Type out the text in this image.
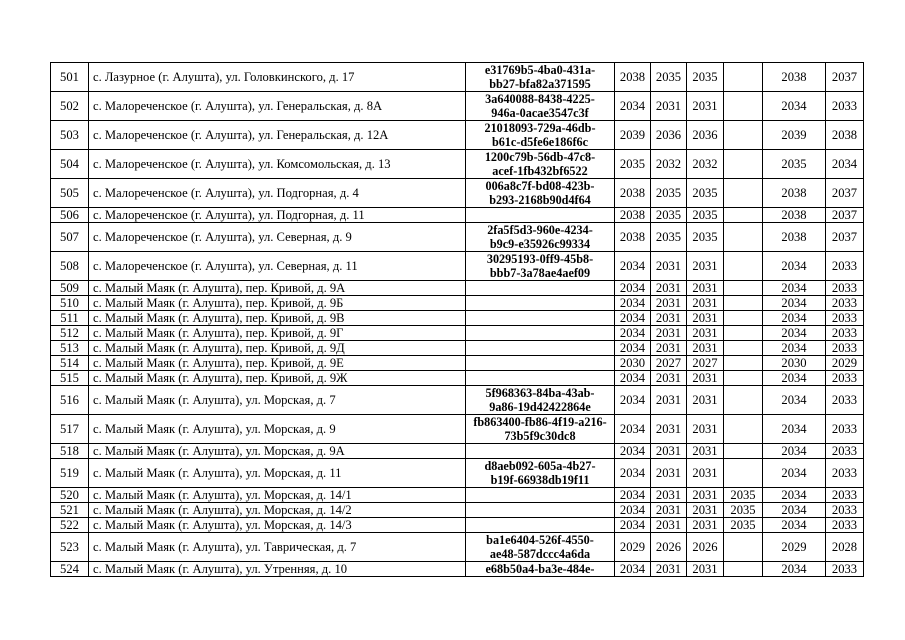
501	с. Лазурное (г. Алушта), ул. Головкинского, д. 17	e31769b5-4ba0-431a-
bb27-bfa82a371595	2038	2035	2035		2038	2037
502	с. Малореченское (г. Алушта), ул. Генеральская, д. 8А	3a640088-8438-4225-
946a-0acae3547c3f	2034	2031	2031		2034	2033
503	с. Малореченское (г. Алушта), ул. Генеральская, д. 12А	21018093-729a-46db-
b61c-d5fe6e186f6c	2039	2036	2036		2039	2038
504	с. Малореченское (г. Алушта), ул. Комсомольская, д. 13	1200c79b-56db-47c8-
acef-1fb432bf6522	2035	2032	2032		2035	2034
505	с. Малореченское (г. Алушта), ул. Подгорная, д. 4	006a8c7f-bd08-423b-
b293-2168b90d4f64	2038	2035	2035		2038	2037
506	с. Малореченское (г. Алушта), ул. Подгорная, д. 11		2038	2035	2035		2038	2037
507	с. Малореченское (г. Алушта), ул. Северная, д. 9	2fa5f5d3-960e-4234-
b9c9-e35926c99334	2038	2035	2035		2038	2037
508	с. Малореченское (г. Алушта), ул. Северная, д. 11	30295193-0ff9-45b8-
bbb7-3a78ae4aef09	2034	2031	2031		2034	2033
509	с. Малый Маяк (г. Алушта), пер. Кривой, д. 9А		2034	2031	2031		2034	2033
510	с. Малый Маяк (г. Алушта), пер. Кривой, д. 9Б		2034	2031	2031		2034	2033
511	с. Малый Маяк (г. Алушта), пер. Кривой, д. 9В		2034	2031	2031		2034	2033
512	с. Малый Маяк (г. Алушта), пер. Кривой, д. 9Г		2034	2031	2031		2034	2033
513	с. Малый Маяк (г. Алушта), пер. Кривой, д. 9Д		2034	2031	2031		2034	2033
514	с. Малый Маяк (г. Алушта), пер. Кривой, д. 9Е		2030	2027	2027		2030	2029
515	с. Малый Маяк (г. Алушта), пер. Кривой, д. 9Ж		2034	2031	2031		2034	2033
516	с. Малый Маяк (г. Алушта), ул. Морская, д. 7	5f968363-84ba-43ab-
9a86-19d42422864e	2034	2031	2031		2034	2033
517	с. Малый Маяк (г. Алушта), ул. Морская, д. 9	fb863400-fb86-4f19-a216-
73b5f9c30dc8	2034	2031	2031		2034	2033
518	с. Малый Маяк (г. Алушта), ул. Морская, д. 9А		2034	2031	2031		2034	2033
519	с. Малый Маяк (г. Алушта), ул. Морская, д. 11	d8aeb092-605a-4b27-
b19f-66938db19f11	2034	2031	2031		2034	2033
520	с. Малый Маяк (г. Алушта), ул. Морская, д. 14/1		2034	2031	2031	2035	2034	2033
521	с. Малый Маяк (г. Алушта), ул. Морская, д. 14/2		2034	2031	2031	2035	2034	2033
522	с. Малый Маяк (г. Алушта), ул. Морская, д. 14/3		2034	2031	2031	2035	2034	2033
523	с. Малый Маяк (г. Алушта), ул. Таврическая, д. 7	ba1e6404-526f-4550-
ae48-587dccc4a6da	2029	2026	2026		2029	2028
524	с. Малый Маяк (г. Алушта), ул. Утренняя, д. 10	e68b50a4-ba3e-484e-	2034	2031	2031		2034	2033
